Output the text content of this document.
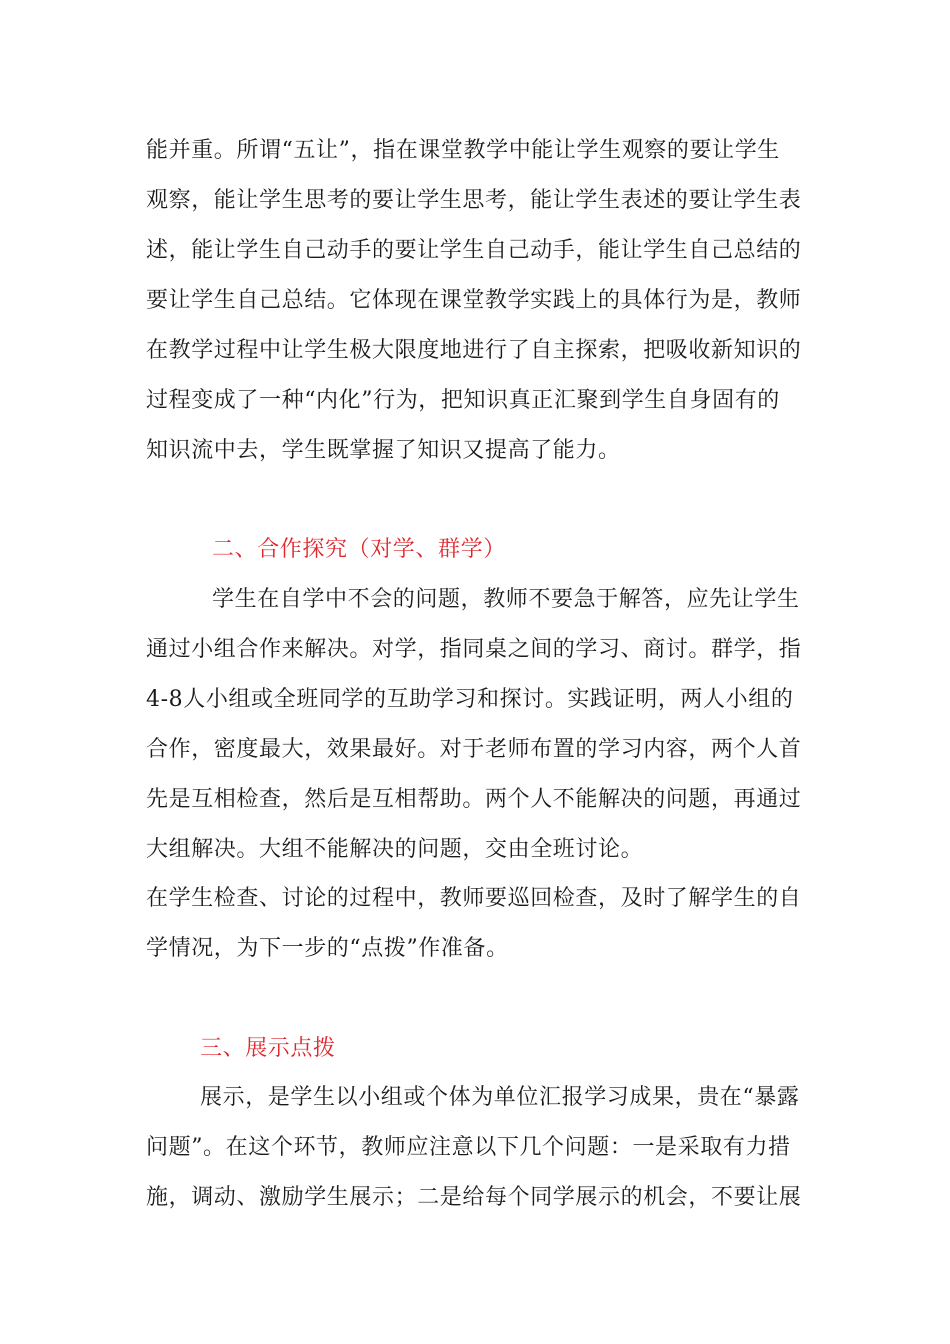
能并重。所谓“五让”，指在课堂教学中能让学生观察的要让学生
观察，能让学生思考的要让学生思考，能让学生表述的要让学生表
述，能让学生自己动手的要让学生自己动手，能让学生自己总结的
要让学生自己总结。它体现在课堂教学实践上的具体行为是，教师
在教学过程中让学生极大限度地进行了自主探索，把吸收新知识的
过程变成了一种“内化”行为，把知识真正汇聚到学生自身固有的
知识流中去，学生既掌握了知识又提高了能力。
二、合作探究（对学、群学）
学生在自学中不会的问题，教师不要急于解答，应先让学生
通过小组合作来解决。对学，指同桌之间的学习、商讨。群学，指
4-8人小组或全班同学的互助学习和探讨。实践证明，两人小组的
合作，密度最大，效果最好。对于老师布置的学习内容，两个人首
先是互相检查，然后是互相帮助。两个人不能解决的问题，再通过
大组解决。大组不能解决的问题，交由全班讨论。
在学生检查、讨论的过程中，教师要巡回检查，及时了解学生的自
学情况，为下一步的“点拨”作准备。
三、展示点拨
展示，是学生以小组或个体为单位汇报学习成果，贵在“暴露
问题”。在这个环节，教师应注意以下几个问题：一是采取有力措
施，调动、激励学生展示；二是给每个同学展示的机会，不要让展
